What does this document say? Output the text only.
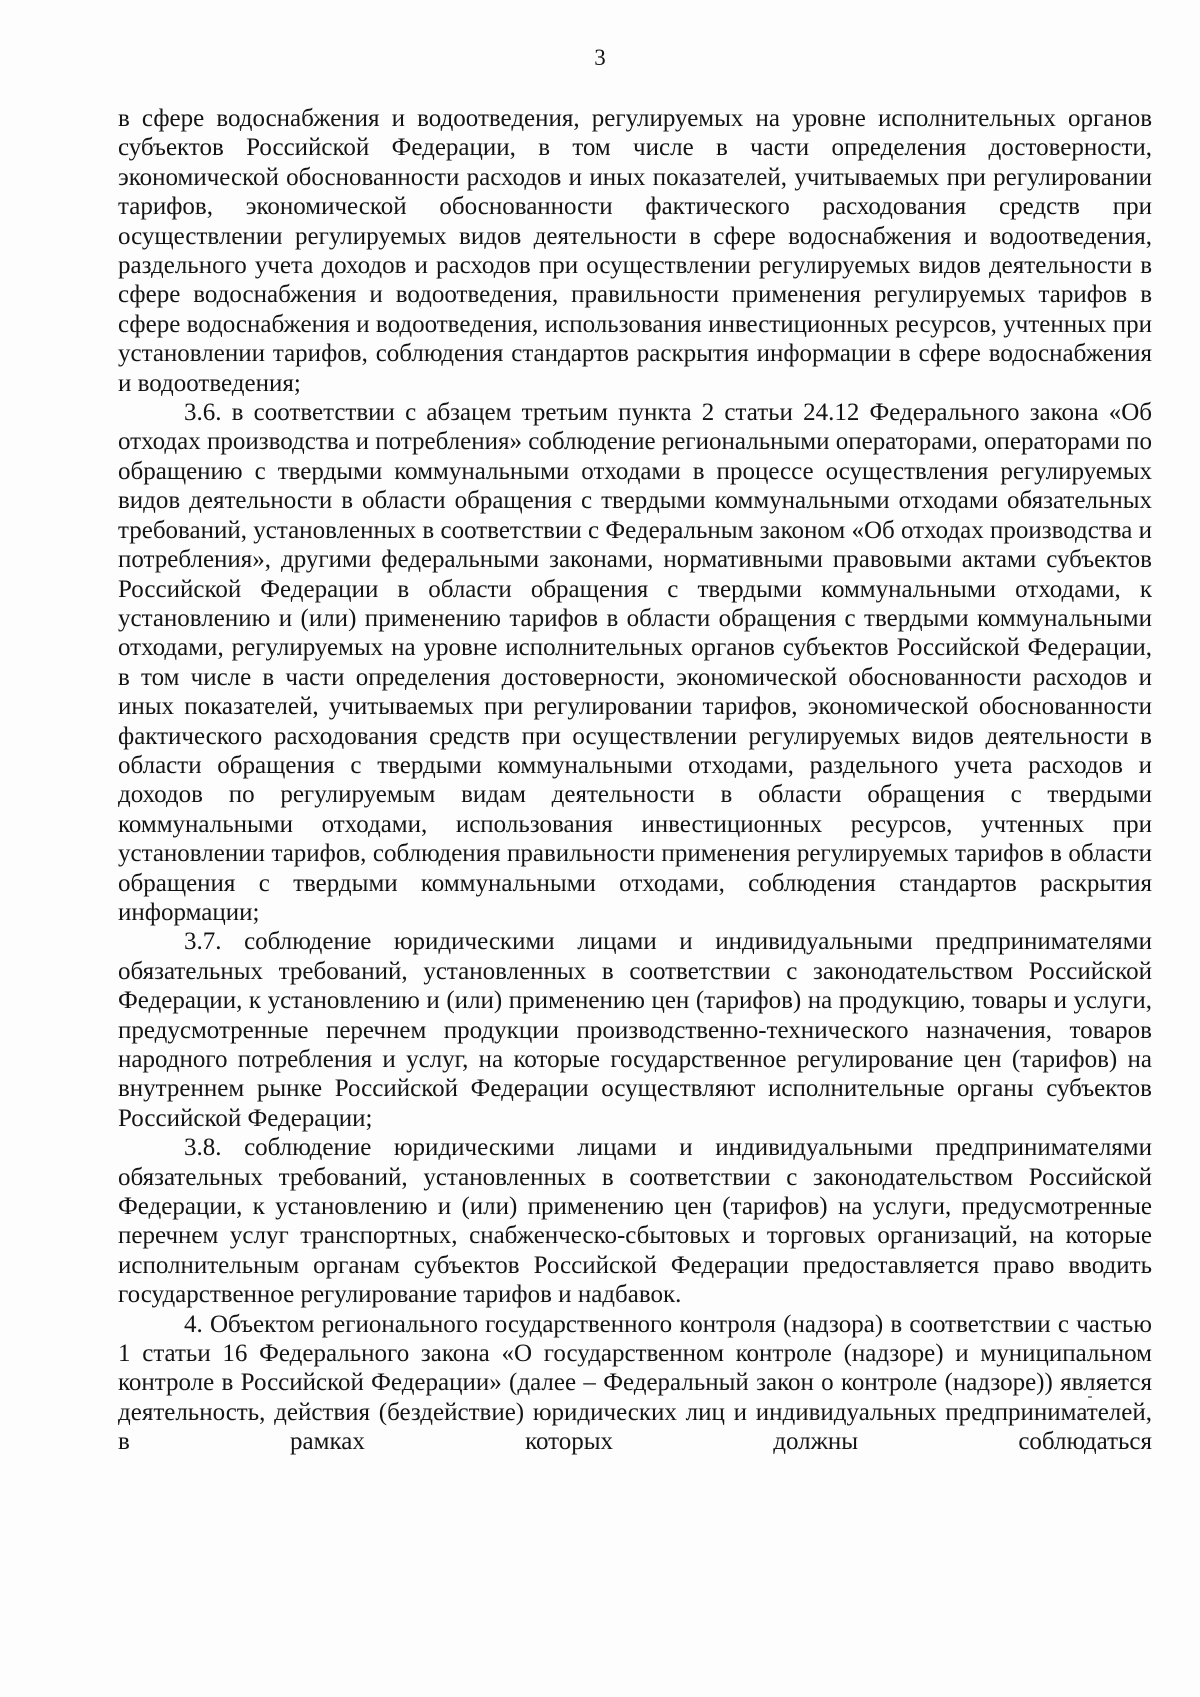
3

в сфере водоснабжения и водоотведения, регулируемых на уровне исполнительных органов субъектов Российской Федерации, в том числе в части определения достоверности, экономической обоснованности расходов и иных показателей, учитываемых при регулировании тарифов, экономической обоснованности фактического расходования средств при осуществлении регулируемых видов деятельности в сфере водоснабжения и водоотведения, раздельного учета доходов и расходов при осуществлении регулируемых видов деятельности в сфере водоснабжения и водоотведения, правильности применения регулируемых тарифов в сфере водоснабжения и водоотведения, использования инвестиционных ресурсов, учтенных при установлении тарифов, соблюдения стандартов раскрытия информации в сфере водоснабжения и водоотведения;

3.6. в соответствии с абзацем третьим пункта 2 статьи 24.12 Федерального закона «Об отходах производства и потребления» соблюдение региональными операторами, операторами по обращению с твердыми коммунальными отходами в процессе осуществления регулируемых видов деятельности в области обращения с твердыми коммунальными отходами обязательных требований, установленных в соответствии с Федеральным законом «Об отходах производства и потребления», другими федеральными законами, нормативными правовыми актами субъектов Российской Федерации в области обращения с твердыми коммунальными отходами, к установлению и (или) применению тарифов в области обращения с твердыми коммунальными отходами, регулируемых на уровне исполнительных органов субъектов Российской Федерации, в том числе в части определения достоверности, экономической обоснованности расходов и иных показателей, учитываемых при регулировании тарифов, экономической обоснованности фактического расходования средств при осуществлении регулируемых видов деятельности в области обращения с твердыми коммунальными отходами, раздельного учета расходов и доходов по регулируемым видам деятельности в области обращения с твердыми коммунальными отходами, использования инвестиционных ресурсов, учтенных при установлении тарифов, соблюдения правильности применения регулируемых тарифов в области обращения с твердыми коммунальными отходами, соблюдения стандартов раскрытия информации;

3.7. соблюдение юридическими лицами и индивидуальными предпринимателями обязательных требований, установленных в соответствии с законодательством Российской Федерации, к установлению и (или) применению цен (тарифов) на продукцию, товары и услуги, предусмотренные перечнем продукции производственно-технического назначения, товаров народного потребления и услуг, на которые государственное регулирование цен (тарифов) на внутреннем рынке Российской Федерации осуществляют исполнительные органы субъектов Российской Федерации;

3.8. соблюдение юридическими лицами и индивидуальными предпринимателями обязательных требований, установленных в соответствии с законодательством Российской Федерации, к установлению и (или) применению цен (тарифов) на услуги, предусмотренные перечнем услуг транспортных, снабженческо-сбытовых и торговых организаций, на которые исполнительным органам субъектов Российской Федерации предоставляется право вводить государственное регулирование тарифов и надбавок.

4. Объектом регионального государственного контроля (надзора) в соответствии с частью 1 статьи 16 Федерального закона «О государственном контроле (надзоре) и муниципальном контроле в Российской Федерации» (далее – Федеральный закон о контроле (надзоре)) является деятельность, действия (бездействие) юридических лиц и индивидуальных предпринимателей, в рамках которых должны соблюдаться
